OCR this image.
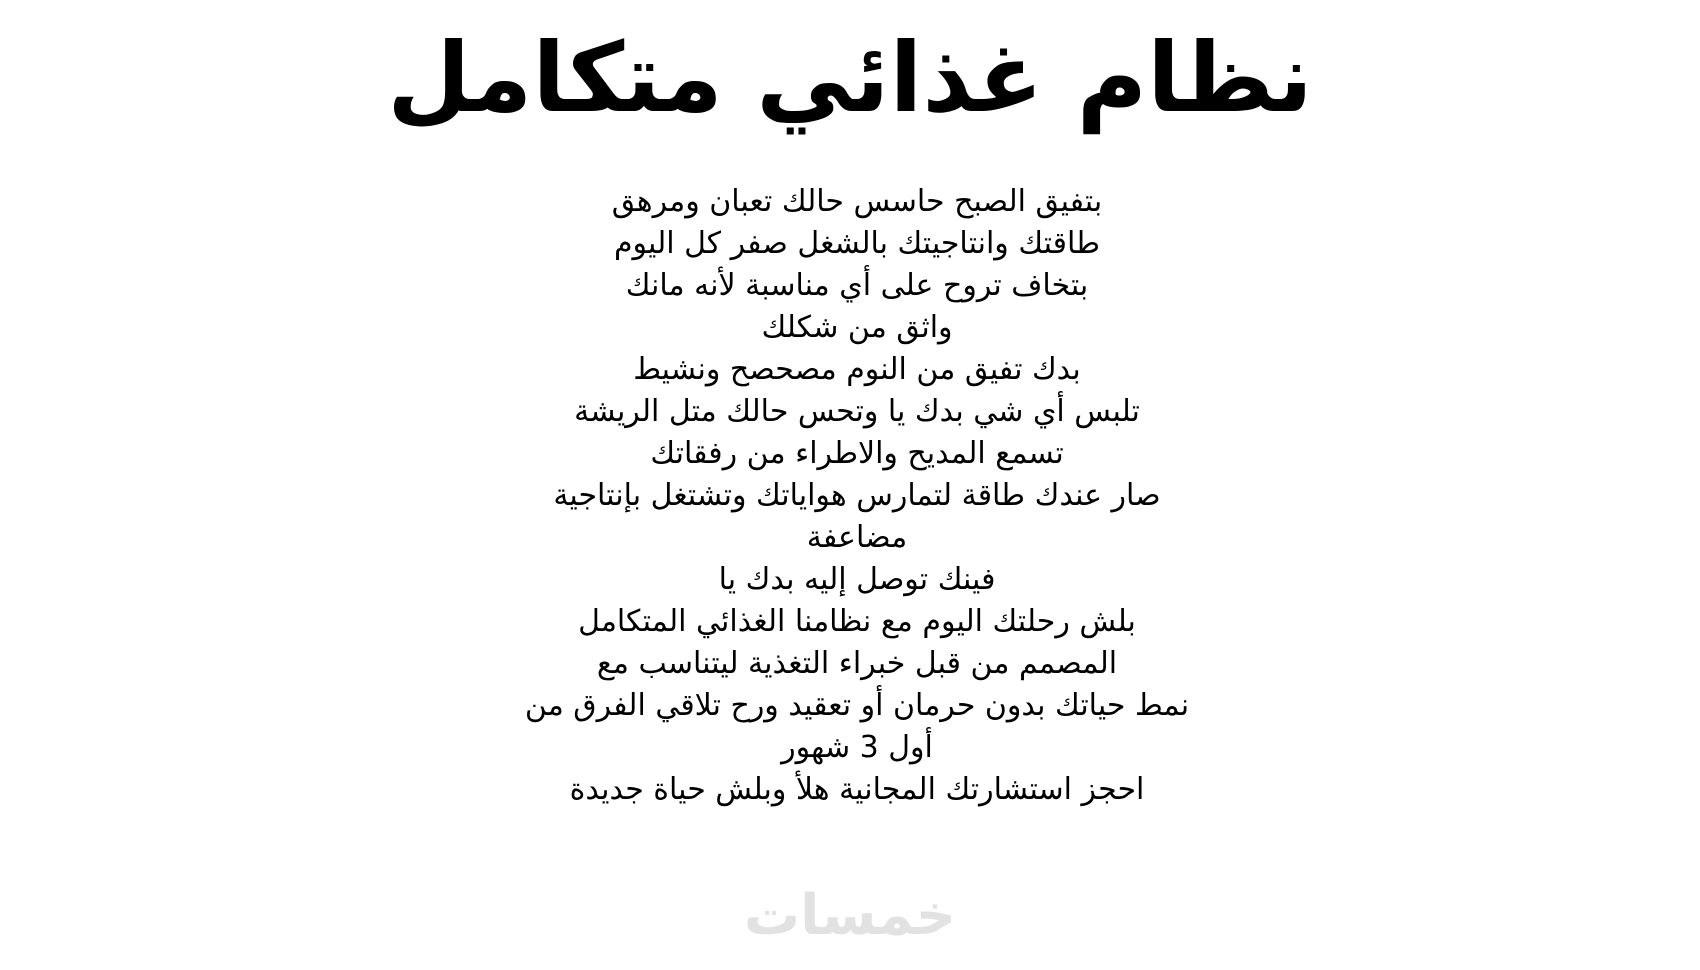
نظام غذائي متكامل
بتفيق الصبح حاسس حالك تعبان ومرهق
طاقتك وانتاجيتك بالشغل صفر كل اليوم
بتخاف تروح على أي مناسبة لأنه مانك
واثق من شكلك
بدك تفيق من النوم مصحصح ونشيط
تلبس أي شي بدك يا وتحس حالك متل الريشة
تسمع المديح والاطراء من رفقاتك
صار عندك طاقة لتمارس هواياتك وتشتغل بإنتاجية
مضاعفة
فينك توصل إليه بدك يا
بلش رحلتك اليوم مع نظامنا الغذائي المتكامل
المصمم من قبل خبراء التغذية ليتناسب مع
نمط حياتك بدون حرمان أو تعقيد ورح تلاقي الفرق من
أول 3 شهور
احجز استشارتك المجانية هلأ وبلش حياة جديدة
خمسات
